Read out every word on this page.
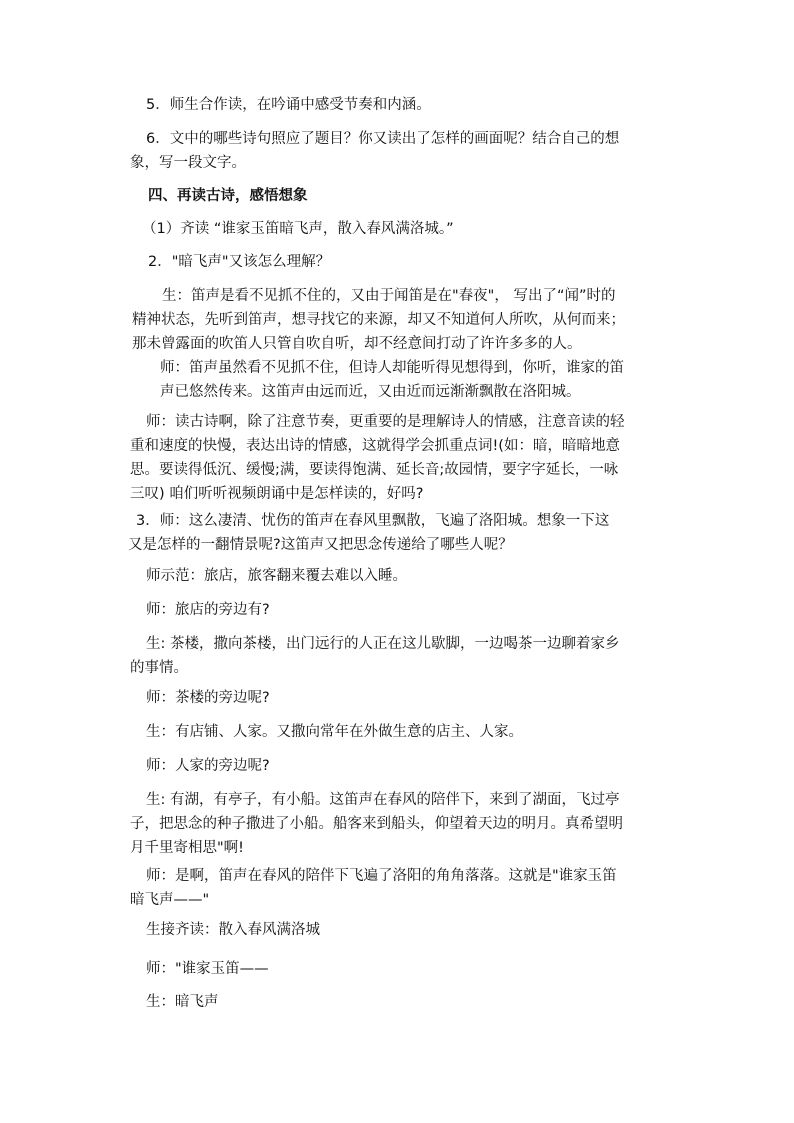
5．师生合作读，在吟诵中感受节奏和内涵。
6．文中的哪些诗句照应了题目？你又读出了怎样的画面呢？结合自己的想
象，写一段文字。
四、再读古诗，感悟想象
（1）齐读 “谁家玉笛暗飞声，散入春风满洛城。”
2．"暗飞声"又该怎么理解？
生：笛声是看不见抓不住的，又由于闻笛是在"春夜"， 写出了“闻”时的
精神状态，先听到笛声，想寻找它的来源，却又不知道何人所吹，从何而来；
那未曾露面的吹笛人只管自吹自听，却不经意间打动了许许多多的人。
师：笛声虽然看不见抓不住，但诗人却能听得见想得到，你听，谁家的笛
声已悠然传来。这笛声由远而近，又由近而远渐渐飘散在洛阳城。
师：读古诗啊，除了注意节奏，更重要的是理解诗人的情感，注意音读的轻
重和速度的快慢，表达出诗的情感，这就得学会抓重点词!(如：暗，暗暗地意
思。要读得低沉、缓慢;满，要读得饱满、延长音;故园情，要字字延长，一咏
三叹) 咱们听听视频朗诵中是怎样读的，好吗?
3．师：这么凄清、忧伤的笛声在春风里飘散，飞遍了洛阳城。想象一下这
又是怎样的一翻情景呢?这笛声又把思念传递给了哪些人呢？
师示范：旅店，旅客翻来覆去难以入睡。
师：旅店的旁边有?
生: 茶楼，撒向茶楼，出门远行的人正在这儿歇脚，一边喝茶一边聊着家乡
的事情。
师：茶楼的旁边呢?
生：有店铺、人家。又撒向常年在外做生意的店主、人家。
师：人家的旁边呢?
生: 有湖，有亭子，有小船。这笛声在春风的陪伴下，来到了湖面，飞过亭
子，把思念的种子撒进了小船。船客来到船头，仰望着天边的明月。真希望明
月千里寄相思"啊!
师：是啊，笛声在春风的陪伴下飞遍了洛阳的角角落落。这就是"谁家玉笛
暗飞声——"
生接齐读：散入春风满洛城
师："谁家玉笛——
生：暗飞声
